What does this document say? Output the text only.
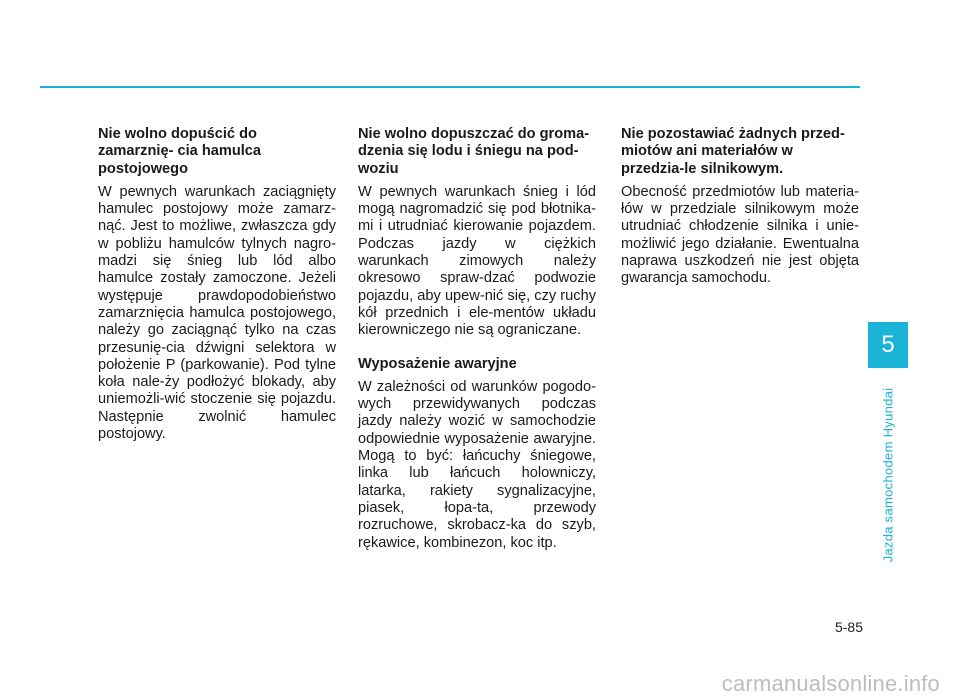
Nie wolno dopuścić do zamarznię- cia hamulca postojowego

W pewnych warunkach zaciągnięty hamulec postojowy może zamarz-nąć. Jest to możliwe, zwłaszcza gdy w pobliżu hamulców tylnych nagro-madzi się śnieg lub lód albo hamulce zostały zamoczone. Jeżeli występuje prawdopodobieństwo zamarznięcia hamulca postojowego, należy go zaciągnąć tylko na czas przesunię-cia dźwigni selektora w położenie P (parkowanie). Pod tylne koła nale-ży podłożyć blokady, aby uniemożli-wić stoczenie się pojazdu. Następnie zwolnić hamulec postojowy.

Nie wolno dopuszczać do groma-dzenia się lodu i śniegu na pod-woziu

W pewnych warunkach śnieg i lód mogą nagromadzić się pod błotnika-mi i utrudniać kierowanie pojazdem. Podczas jazdy w ciężkich warunkach zimowych należy okresowo spraw-dzać podwozie pojazdu, aby upew-nić się, czy ruchy kół przednich i ele-mentów układu kierowniczego nie są ograniczane.

Wyposażenie awaryjne

W zależności od warunków pogodo-wych przewidywanych podczas jazdy należy wozić w samochodzie odpowiednie wyposażenie awaryjne. Mogą to być: łańcuchy śniegowe, linka lub łańcuch holowniczy, latarka, rakiety sygnalizacyjne, piasek, łopa-ta, przewody rozruchowe, skrobacz-ka do szyb, rękawice, kombinezon, koc itp.

Nie pozostawiać żadnych przed-miotów ani materiałów w przedzia-le silnikowym.

Obecność przedmiotów lub materia-łów w przedziale silnikowym może utrudniać chłodzenie silnika i unie-możliwić jego działanie. Ewentualna naprawa uszkodzeń nie jest objęta gwarancja samochodu.

5
Jazda samochodem Hyundai
5-85
carmanualsonline.info
